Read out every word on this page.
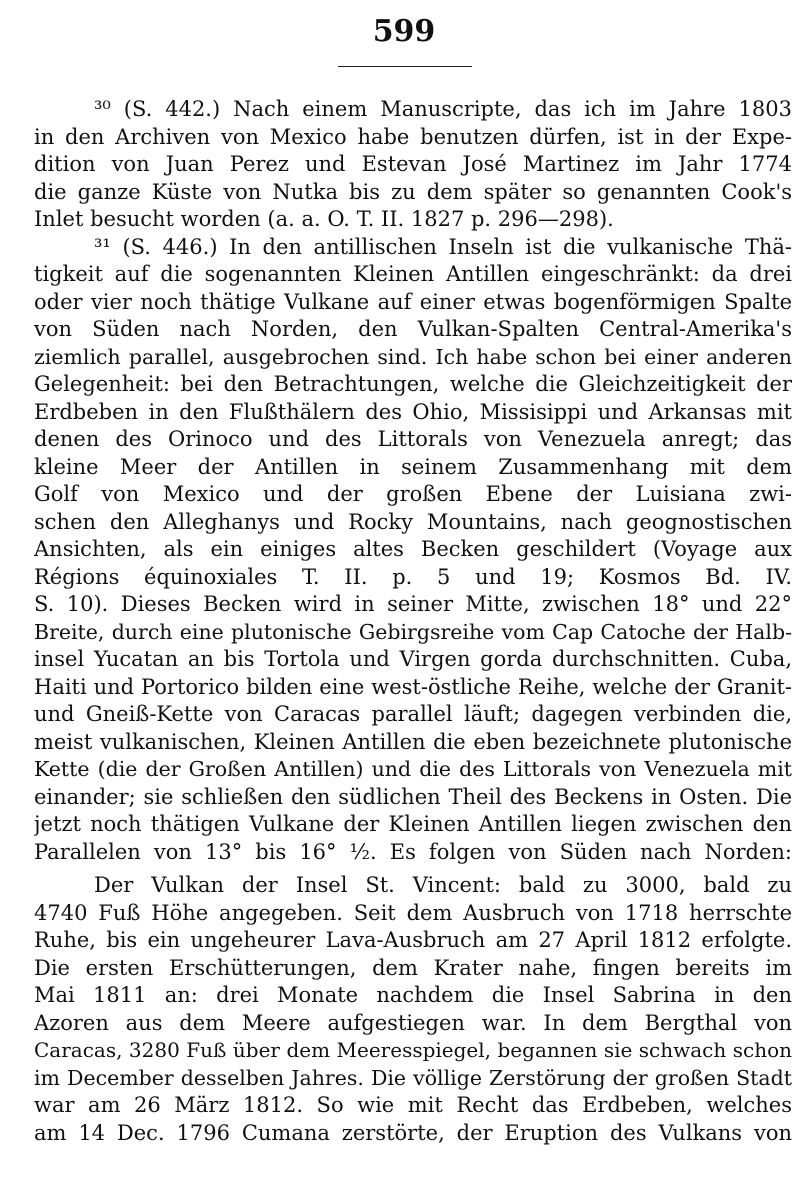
599
³⁰ (S. 442.) Nach einem Manuscripte, das ich im Jahre 1803
in den Archiven von Mexico habe benutzen dürfen, ist in der Expe-
dition von Juan Perez und Estevan José Martinez im Jahr 1774
die ganze Küste von Nutka bis zu dem später so genannten Cook's
Inlet besucht worden (a. a. O. T. II. 1827 p. 296—298).
³¹ (S. 446.) In den antillischen Inseln ist die vulkanische Thä-
tigkeit auf die sogenannten Kleinen Antillen eingeschränkt: da drei
oder vier noch thätige Vulkane auf einer etwas bogenförmigen Spalte
von Süden nach Norden, den Vulkan-Spalten Central-Amerika's
ziemlich parallel, ausgebrochen sind. Ich habe schon bei einer anderen
Gelegenheit: bei den Betrachtungen, welche die Gleichzeitigkeit der
Erdbeben in den Flußthälern des Ohio, Missisippi und Arkansas mit
denen des Orinoco und des Littorals von Venezuela anregt; das
kleine Meer der Antillen in seinem Zusammenhang mit dem
Golf von Mexico und der großen Ebene der Luisiana zwi-
schen den Alleghanys und Rocky Mountains, nach geognostischen
Ansichten, als ein einiges altes Becken geschildert (Voyage aux
Régions équinoxiales T. II. p. 5 und 19; Kosmos Bd. IV.
S. 10). Dieses Becken wird in seiner Mitte, zwischen 18° und 22°
Breite, durch eine plutonische Gebirgsreihe vom Cap Catoche der Halb-
insel Yucatan an bis Tortola und Virgen gorda durchschnitten. Cuba,
Haiti und Portorico bilden eine west-östliche Reihe, welche der Granit-
und Gneiß-Kette von Caracas parallel läuft; dagegen verbinden die,
meist vulkanischen, Kleinen Antillen die eben bezeichnete plutonische
Kette (die der Großen Antillen) und die des Littorals von Venezuela mit
einander; sie schließen den südlichen Theil des Beckens in Osten. Die
jetzt noch thätigen Vulkane der Kleinen Antillen liegen zwischen den
Parallelen von 13° bis 16° ½. Es folgen von Süden nach Norden:
Der Vulkan der Insel St. Vincent: bald zu 3000, bald zu
4740 Fuß Höhe angegeben. Seit dem Ausbruch von 1718 herrschte
Ruhe, bis ein ungeheurer Lava-Ausbruch am 27 April 1812 erfolgte.
Die ersten Erschütterungen, dem Krater nahe, fingen bereits im
Mai 1811 an: drei Monate nachdem die Insel Sabrina in den
Azoren aus dem Meere aufgestiegen war. In dem Bergthal von
Caracas, 3280 Fuß über dem Meeresspiegel, begannen sie schwach schon
im December desselben Jahres. Die völlige Zerstörung der großen Stadt
war am 26 März 1812. So wie mit Recht das Erdbeben, welches
am 14 Dec. 1796 Cumana zerstörte, der Eruption des Vulkans von
